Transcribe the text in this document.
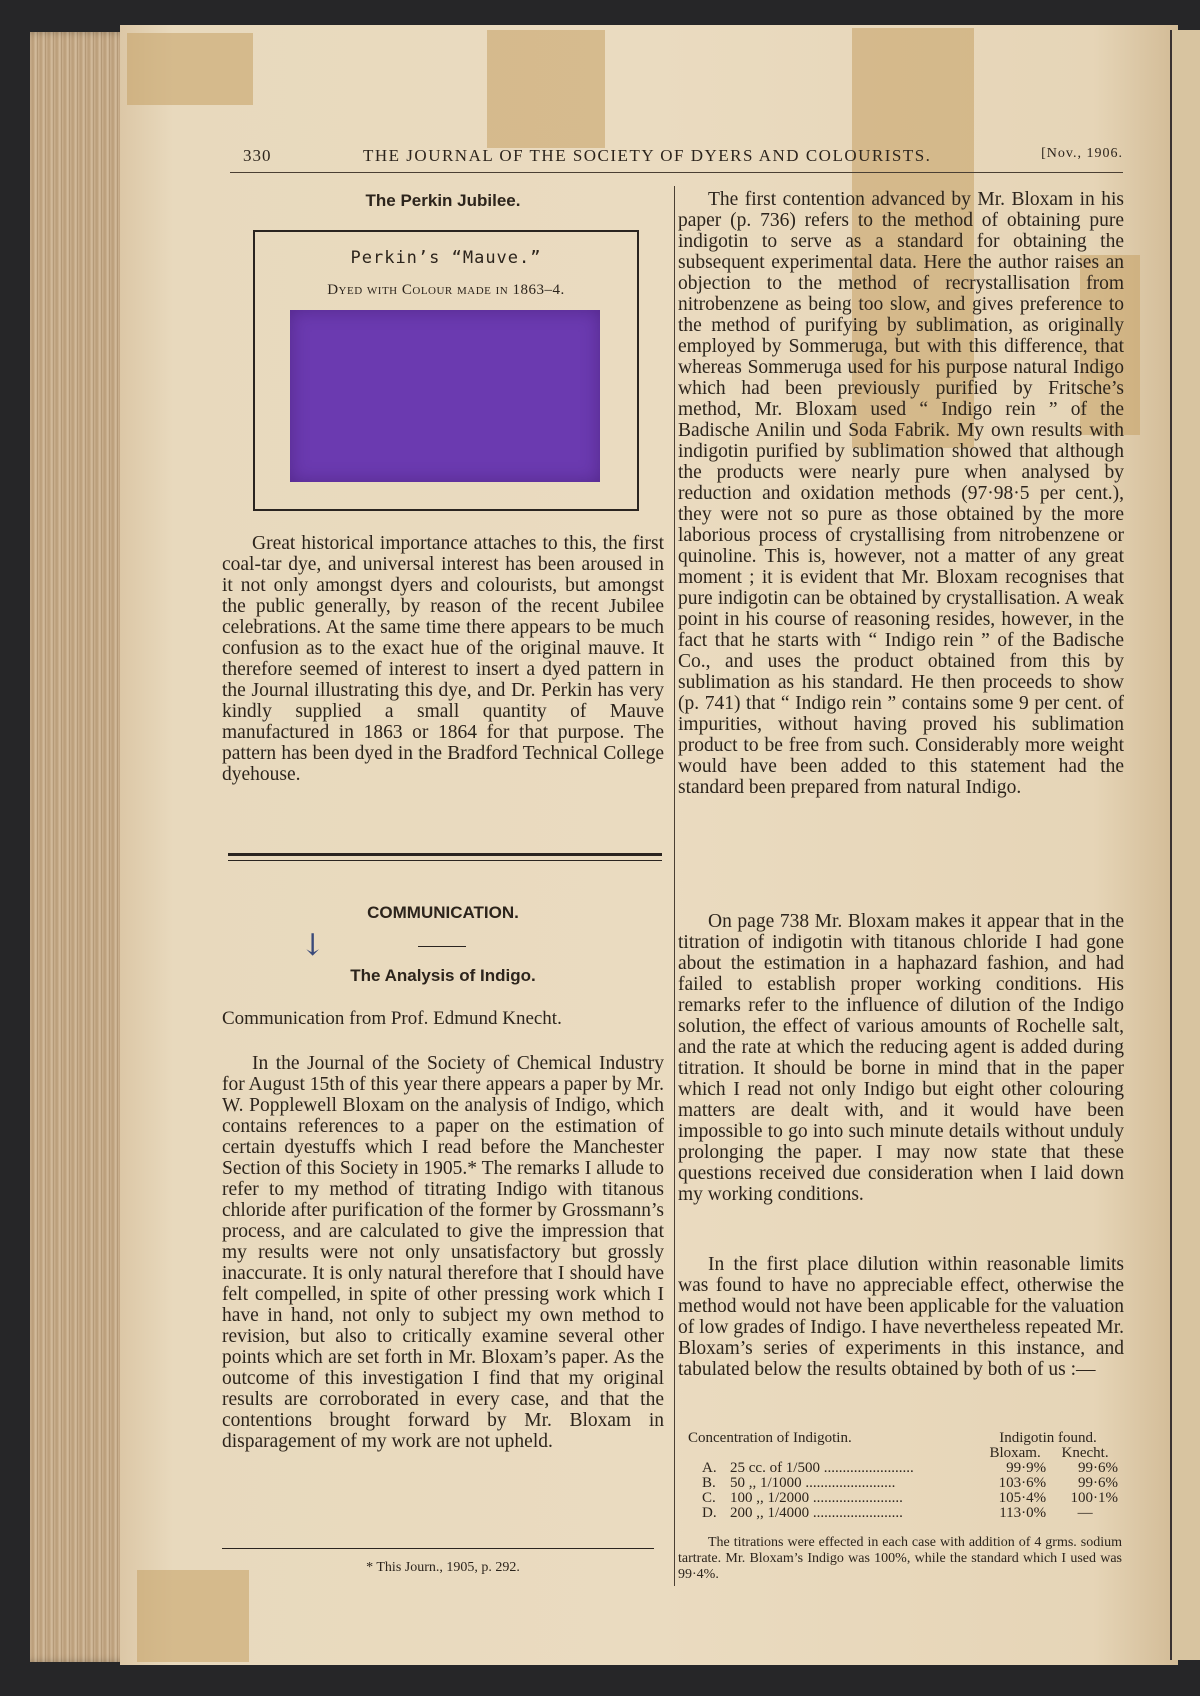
330	THE JOURNAL OF THE SOCIETY OF DYERS AND COLOURISTS.	[Nov., 1906.
The Perkin Jubilee.
Perkin’s “Mauve.”
Dyed with Colour made in 1863–4.

Great historical importance attaches to this, the first coal-tar dye, and universal interest has been aroused in it not only amongst dyers and colourists, but amongst the public generally, by reason of the recent Jubilee celebrations. At the same time there appears to be much confusion as to the exact hue of the original mauve. It therefore seemed of interest to insert a dyed pattern in the Journal illustrating this dye, and Dr. Perkin has very kindly supplied a small quantity of Mauve manufactured in 1863 or 1864 for that purpose. The pattern has been dyed in the Bradford Technical College dyehouse.

COMMUNICATION.
↓
The Analysis of Indigo.
Communication from Prof. Edmund Knecht.

In the Journal of the Society of Chemical Industry for August 15th of this year there appears a paper by Mr. W. Popplewell Bloxam on the analysis of Indigo, which contains references to a paper on the estimation of certain dyestuffs which I read before the Manchester Section of this Society in 1905.* The remarks I allude to refer to my method of titrating Indigo with titanous chloride after purification of the former by Grossmann’s process, and are calculated to give the impression that my results were not only unsatisfactory but grossly inaccurate. It is only natural therefore that I should have felt compelled, in spite of other pressing work which I have in hand, not only to subject my own method to revision, but also to critically examine several other points which are set forth in Mr. Bloxam’s paper. As the outcome of this investigation I find that my original results are corroborated in every case, and that the contentions brought forward by Mr. Bloxam in disparagement of my work are not upheld.

* This Journ., 1905, p. 292.

The first contention advanced by Mr. Bloxam in his paper (p. 736) refers to the method of obtaining pure indigotin to serve as a standard for obtaining the subsequent experimental data. Here the author raises an objection to the method of recrystallisation from nitrobenzene as being too slow, and gives preference to the method of purifying by sublimation, as originally employed by Sommeruga, but with this difference, that whereas Sommeruga used for his purpose natural Indigo which had been previously purified by Fritsche’s method, Mr. Bloxam used “ Indigo rein ” of the Badische Anilin und Soda Fabrik. My own results with indigotin purified by sublimation showed that although the products were nearly pure when analysed by reduction and oxidation methods (97·98·5 per cent.), they were not so pure as those obtained by the more laborious process of crystallising from nitrobenzene or quinoline. This is, however, not a matter of any great moment ; it is evident that Mr. Bloxam recognises that pure indigotin can be obtained by crystallisation. A weak point in his course of reasoning resides, however, in the fact that he starts with “ Indigo rein ” of the Badische Co., and uses the product obtained from this by sublimation as his standard. He then proceeds to show (p. 741) that “ Indigo rein ” contains some 9 per cent. of impurities, without having proved his sublimation product to be free from such. Considerably more weight would have been added to this statement had the standard been prepared from natural Indigo.

On page 738 Mr. Bloxam makes it appear that in the titration of indigotin with titanous chloride I had gone about the estimation in a haphazard fashion, and had failed to establish proper working conditions. His remarks refer to the influence of dilution of the Indigo solution, the effect of various amounts of Rochelle salt, and the rate at which the reducing agent is added during titration. It should be borne in mind that in the paper which I read not only Indigo but eight other colouring matters are dealt with, and it would have been impossible to go into such minute details without unduly prolonging the paper. I may now state that these questions received due consideration when I laid down my working conditions.

In the first place dilution within reasonable limits was found to have no appreciable effect, otherwise the method would not have been applicable for the valuation of low grades of Indigo. I have nevertheless repeated Mr. Bloxam’s series of experiments in this instance, and tabulated below the results obtained by both of us :—

Concentration of Indigotin.	Indigotin found.	
	Bloxam.	Knecht.
A. 25 cc. of 1/500 ........................	99·9%	99·6%
B. 50 ,, 1/1000 ........................	103·6%	99·6%
C. 100 ,, 1/2000 ........................	105·4%	100·1%
D. 200 ,, 1/4000 ........................	113·0%	—

The titrations were effected in each case with addition of 4 grms. sodium tartrate. Mr. Bloxam’s Indigo was 100%, while the standard which I used was 99·4%.
